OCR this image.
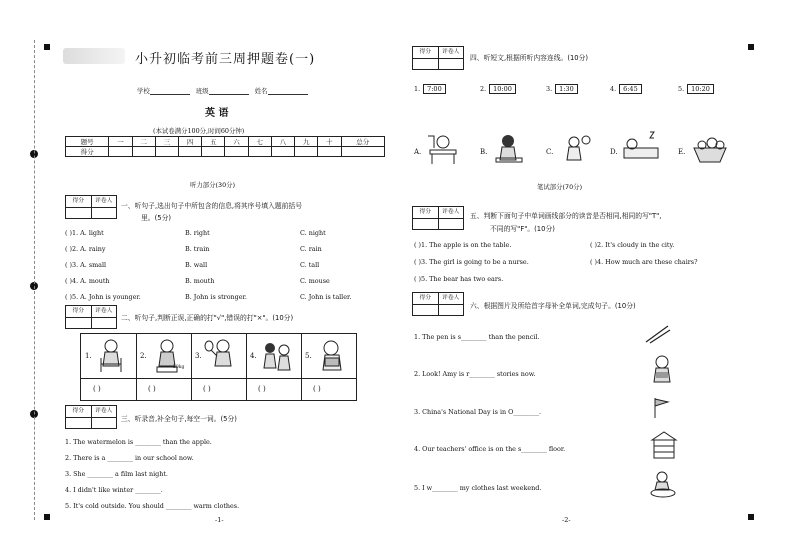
小升初临考前三周押题卷(一)
学校	班级	姓名
英 语
(本试卷满分100分,时间60分钟)
题号	一	二	三	四	五	六	七	八	九	十	总分
得分											
听力部分(30分)
得分	评卷人
一、听句子,选出句子中所包含的信息,将其序号填入题前括号
里。(5分)
( )1. A. light	B. right	C. night
( )2. A. rainy	B. train	C. rain
( )3. A. small	B. wall	C. tall
( )4. A. mouth	B. mouth	C. mouse
( )5. A. John is younger.	B. John is stronger.	C. John is taller.
得分	评卷人
二、听句子,判断正误,正确的打"√",错误的打"×"。(10分)
1.	2.	3.	4.	5.
50kg
( )	( )	( )	( )	( )
得分	评卷人
三、听录音,补全句子,每空一词。(5分)
1. The watermelon is ________ than the apple.
2. There is a ________ in our school now.
3. She ________ a film last night.
4. I didn't like winter ________.
5. It's cold outside. You should ________ warm clothes.
-1-
得分	评卷人
四、听短文,根据所听内容连线。(10分)
1. 7:00	2. 10:00	3. 1:30	4. 6:45	5. 10:20
A.	B.	C.	D.	E.
笔试部分(70分)
得分	评卷人	五、判断下面句子中单词画线部分的读音是否相同,相同的写"T",
不同的写"F"。(10分)
( )1. The apple is on the table.	( )2. It's cloudy in the city.
( )3. The girl is going to be a nurse.	( )4. How much are these chairs?
( )5. The bear has two ears.
得分	评卷人
六、根据图片及所给首字母补全单词,完成句子。(10分)
1. The pen is s________ than the pencil.
2. Look! Amy is r________ stories now.
3. China's National Day is in O________.
4. Our teachers' office is on the s________ floor.
5. I w________ my clothes last weekend.
-2-
